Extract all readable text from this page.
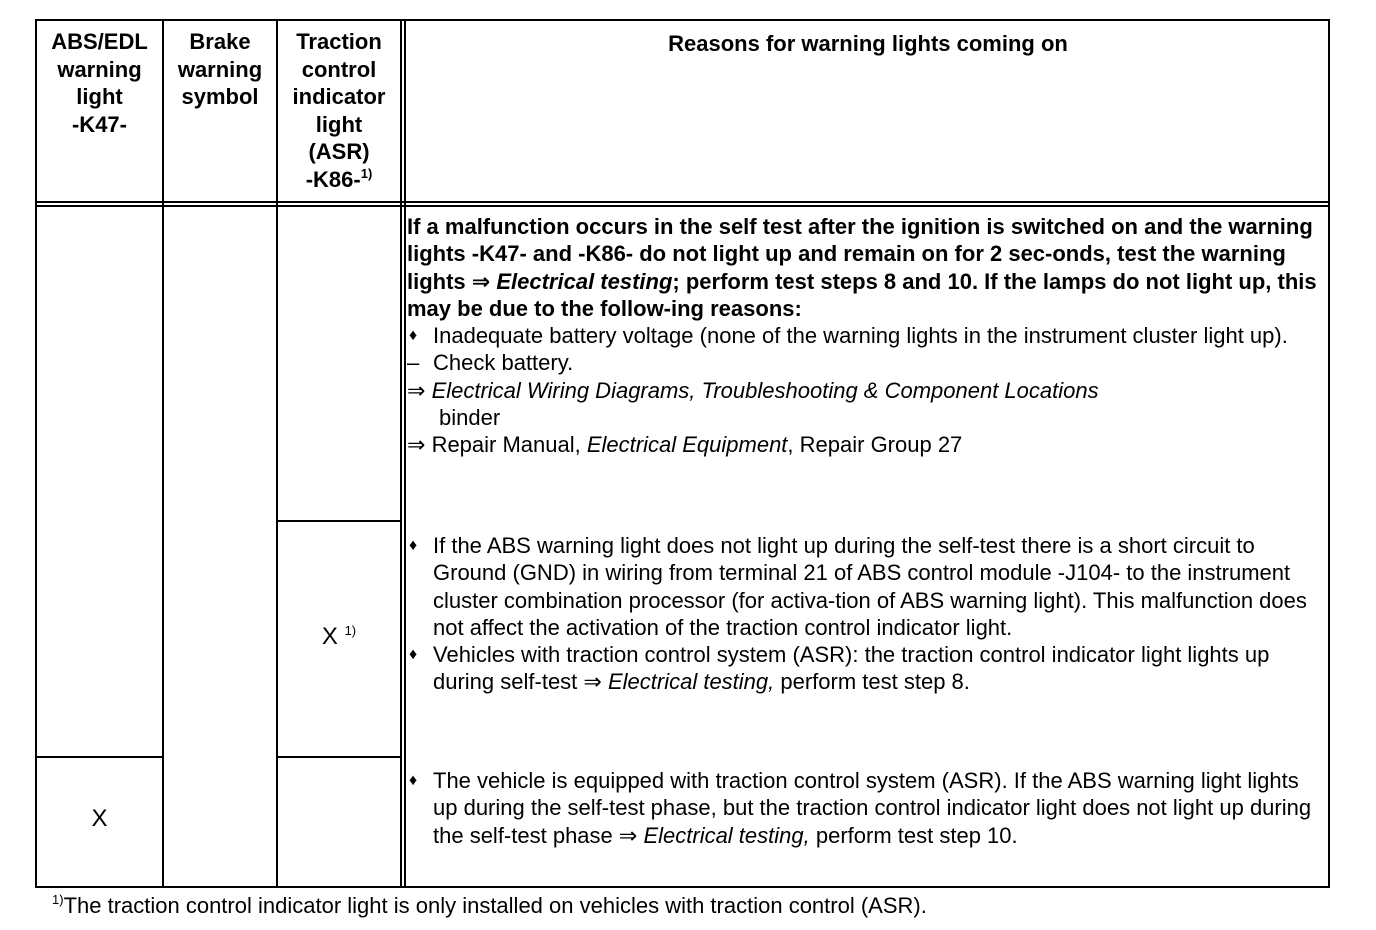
ABS/EDL
warning
light
-K47-
Brake
warning
symbol
Traction
control
indicator
light
(ASR)
-K86-$^{1)}$
Reasons for warning lights coming on
X $^{1)}$
X
If a malfunction occurs in the self test after the ignition is switched on and the warning lights -K47- and -K86- do not light up and remain on for 2 sec-onds, test the warning lights ⇒ Electrical testing; perform test steps 8 and 10. If the lamps do not light up, this may be due to the follow-ing reasons:
♦ Inadequate battery voltage (none of the warning lights in the instrument cluster light up).
– Check battery.
⇒ Electrical Wiring Diagrams, Troubleshooting & Component Locations
binder
⇒ Repair Manual, Electrical Equipment, Repair Group 27
♦ If the ABS warning light does not light up during the self-test there is a short circuit to Ground (GND) in wiring from terminal 21 of ABS control module -J104- to the instrument cluster combination processor (for activa-tion of ABS warning light). This malfunction does not affect the activation of the traction control indicator light.
♦ Vehicles with traction control system (ASR): the traction control indicator light lights up during self-test ⇒ Electrical testing, perform test step 8.
♦ The vehicle is equipped with traction control system (ASR). If the ABS warning light lights up during the self-test phase, but the traction control indicator light does not light up during the self-test phase ⇒ Electrical testing, perform test step 10.
$^{1)}$The traction control indicator light is only installed on vehicles with traction control (ASR).
